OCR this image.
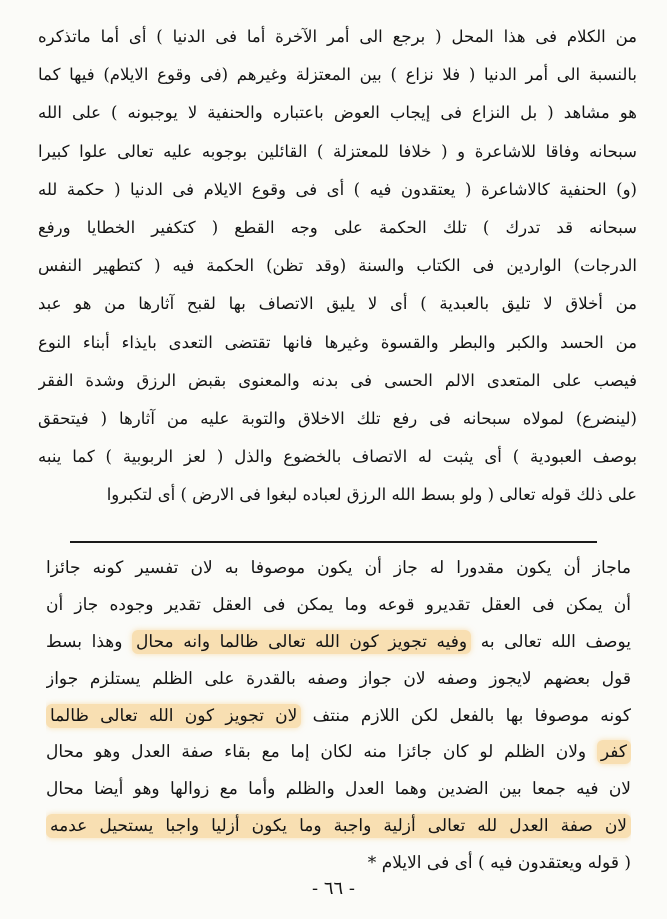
من الكلام فى هذا المحل ( برجع الى أمر الآخرة أما فى الدنيا ) أى أما ماتذكره
بالنسبة الى أمر الدنيا ( فلا نزاع ) بين المعتزلة وغيرهم (فى وقوع الايلام) فيها كما
هو مشاهد ( بل النزاع فى إيجاب العوض باعتباره والحنفية لا يوجبونه ) على الله
سبحانه وفاقا للاشاعرة و ( خلافا للمعتزلة ) القائلين بوجوبه عليه تعالى علوا كبيرا
(و) الحنفية كالاشاعرة ( يعتقدون فيه ) أى فى وقوع الايلام فى الدنيا ( حكمة لله
سبحانه قد تدرك ) تلك الحكمة على وجه القطع ( كتكفير الخطايا ورفع
الدرجات) الواردين فى الكتاب والسنة (وقد تظن) الحكمة فيه ( كتطهير النفس
من أخلاق لا تليق بالعبدية ) أى لا يليق الاتصاف بها لقبح آثارها من هو عبد
من الحسد والكبر والبطر والقسوة وغيرها فانها تقتضى التعدى بايذاء أبناء النوع
فيصب على المتعدى الالم الحسى فى بدنه والمعنوى بقبض الرزق وشدة الفقر
(لينضرع) لمولاه سبحانه فى رفع تلك الاخلاق والتوبة عليه من آثارها ( فيتحقق
بوصف العبودية ) أى يثبت له الاتصاف بالخضوع والذل ( لعز الربوبية ) كما ينبه
على ذلك قوله تعالى ( ولو بسط الله الرزق لعباده لبغوا فى الارض ) أى لتكبروا
ماجاز أن يكون مقدورا له جاز أن يكون موصوفا به لان تفسير كونه جائزا
أن يمكن فى العقل تقديرو قوعه وما يمكن فى العقل تقدير وجوده جاز أن
يوصف الله تعالى به وفيه تجويز كون الله تعالى ظالما وانه محال وهذا بسط
قول بعضهم لايجوز وصفه لان جواز وصفه بالقدرة على الظلم يستلزم جواز
كونه موصوفا بها بالفعل لكن اللازم منتف لان تجويز كون الله تعالى ظالما
كفر ولان الظلم لو كان جائزا منه لكان إما مع بقاء صفة العدل وهو محال
لان فيه جمعا بين الضدين وهما العدل والظلم وأما مع زوالها وهو أيضا محال
لان صفة العدل لله تعالى أزلية واجبة وما يكون أزليا واجبا يستحيل عدمه
( قوله ويعتقدون فيه ) أى فى الايلام *
- ٦٦ -
